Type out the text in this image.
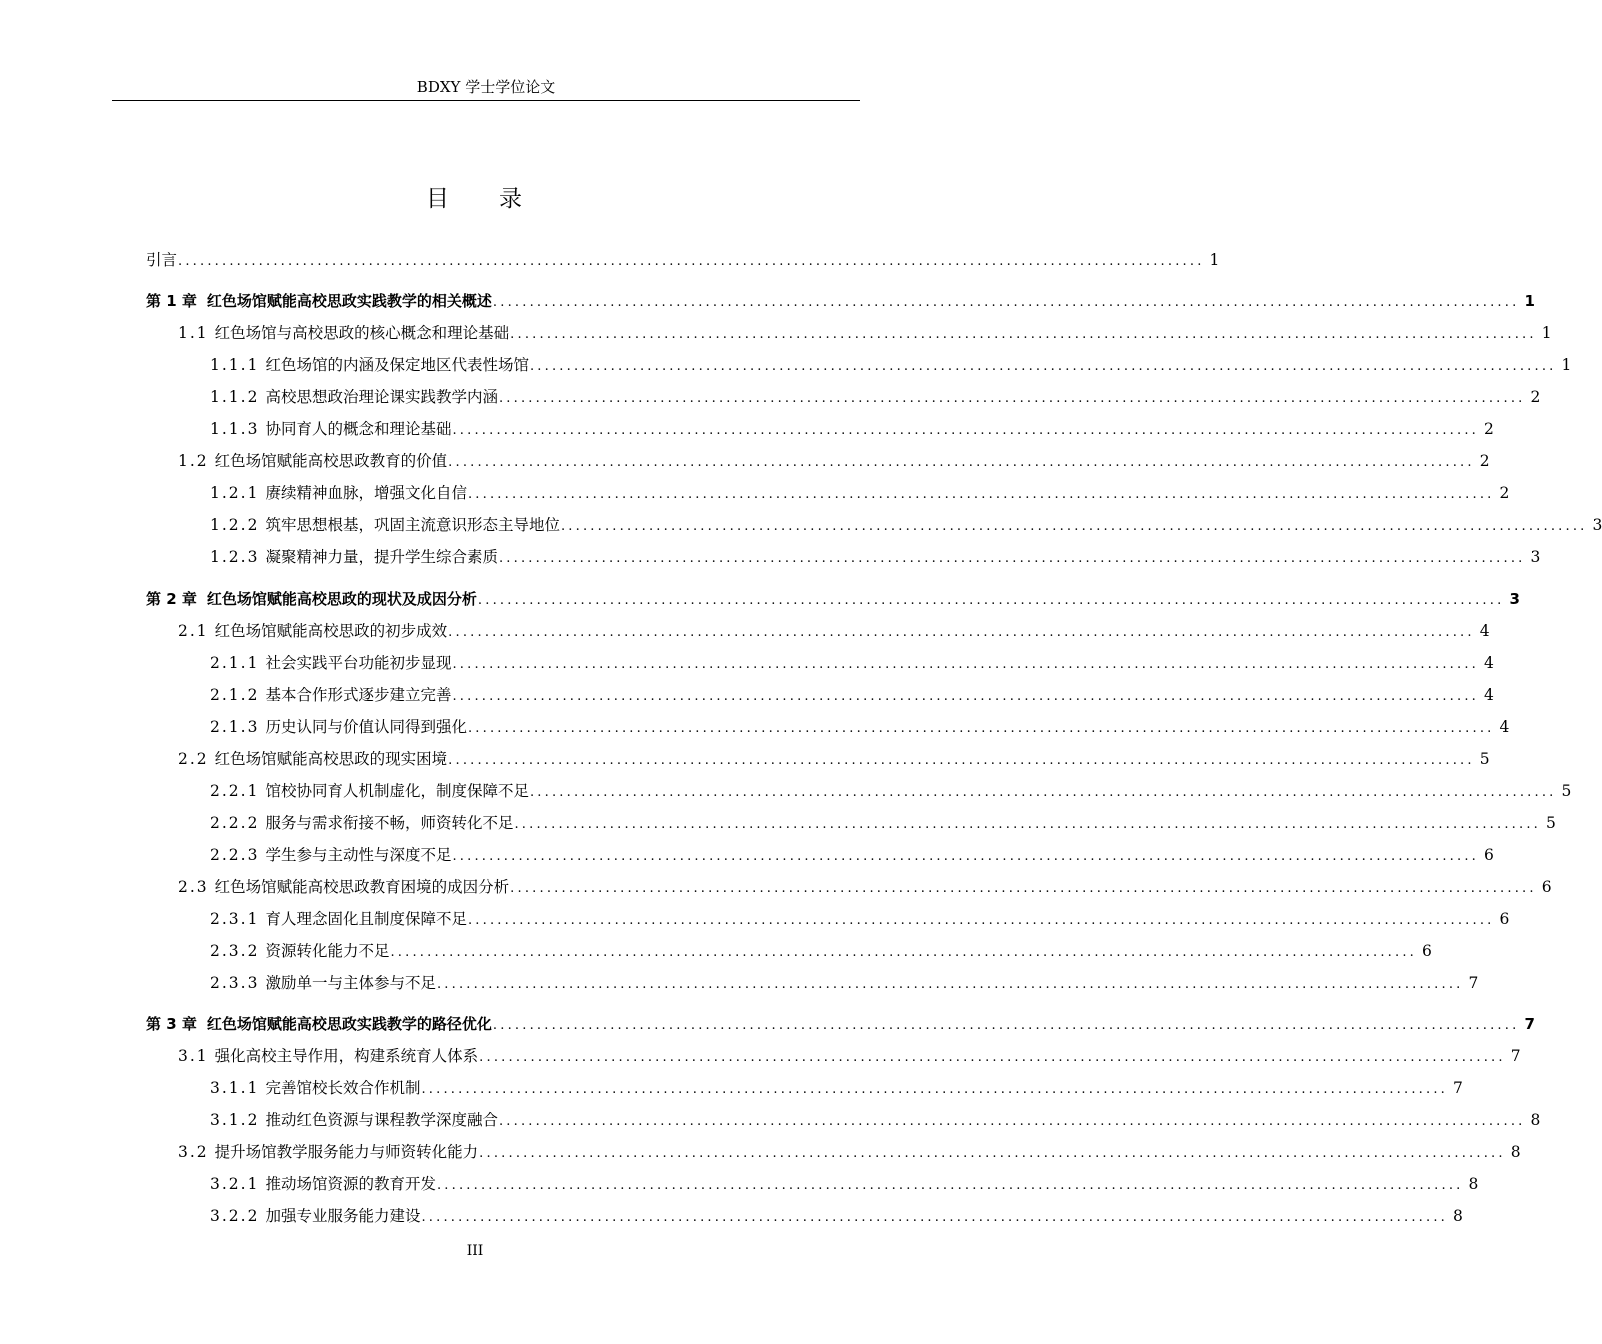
BDXY 学士学位论文
目 录
引言 ............................................................................................................................................ 1
第 1 章 红色场馆赋能高校思政实践教学的相关概述 ............................................................................................................................................ 1
1.1 红色场馆与高校思政的核心概念和理论基础 ............................................................................................................................................ 1
1.1.1 红色场馆的内涵及保定地区代表性场馆 ............................................................................................................................................ 1
1.1.2 高校思想政治理论课实践教学内涵 ............................................................................................................................................ 2
1.1.3 协同育人的概念和理论基础 ............................................................................................................................................ 2
1.2 红色场馆赋能高校思政教育的价值 ............................................................................................................................................ 2
1.2.1 赓续精神血脉，增强文化自信 ............................................................................................................................................ 2
1.2.2 筑牢思想根基，巩固主流意识形态主导地位 ............................................................................................................................................ 3
1.2.3 凝聚精神力量，提升学生综合素质 ............................................................................................................................................ 3
第 2 章 红色场馆赋能高校思政的现状及成因分析 ............................................................................................................................................ 3
2.1 红色场馆赋能高校思政的初步成效 ............................................................................................................................................ 4
2.1.1 社会实践平台功能初步显现 ............................................................................................................................................ 4
2.1.2 基本合作形式逐步建立完善 ............................................................................................................................................ 4
2.1.3 历史认同与价值认同得到强化 ............................................................................................................................................ 4
2.2 红色场馆赋能高校思政的现实困境 ............................................................................................................................................ 5
2.2.1 馆校协同育人机制虚化，制度保障不足 ............................................................................................................................................ 5
2.2.2 服务与需求衔接不畅，师资转化不足 ............................................................................................................................................ 5
2.2.3 学生参与主动性与深度不足 ............................................................................................................................................ 6
2.3 红色场馆赋能高校思政教育困境的成因分析 ............................................................................................................................................ 6
2.3.1 育人理念固化且制度保障不足 ............................................................................................................................................ 6
2.3.2 资源转化能力不足 ............................................................................................................................................ 6
2.3.3 激励单一与主体参与不足 ............................................................................................................................................ 7
第 3 章 红色场馆赋能高校思政实践教学的路径优化 ............................................................................................................................................ 7
3.1 强化高校主导作用，构建系统育人体系 ............................................................................................................................................ 7
3.1.1 完善馆校长效合作机制 ............................................................................................................................................ 7
3.1.2 推动红色资源与课程教学深度融合 ............................................................................................................................................ 8
3.2 提升场馆教学服务能力与师资转化能力 ............................................................................................................................................ 8
3.2.1 推动场馆资源的教育开发 ............................................................................................................................................ 8
3.2.2 加强专业服务能力建设 ............................................................................................................................................ 8
III
